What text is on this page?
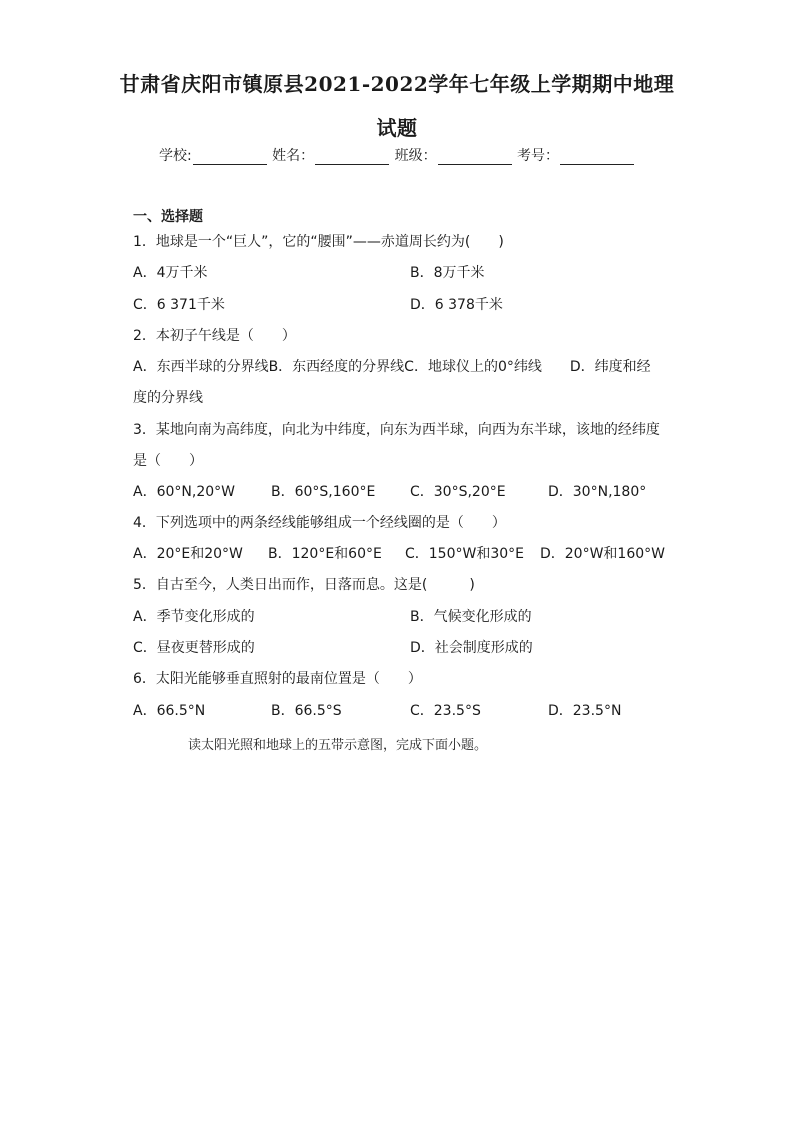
甘肃省庆阳市镇原县2021-2022学年七年级上学期期中地理
试题
学校:	姓名：	班级：	考号：
一、选择题
1．地球是一个“巨人”，它的“腰围”——赤道周长约为(　　)
A．4万千米	B．8万千米
C．6 371千米	D．6 378千米
2．本初子午线是（　　）
A．东西半球的分界线B．东西经度的分界线C．地球仪上的0°纬线　　D．纬度和经
度的分界线
3．某地向南为高纬度，向北为中纬度，向东为西半球，向西为东半球，该地的经纬度
是（　　）
A．60°N,20°W	B．60°S,160°E C．30°S,20°E	D．30°N,180°
4．下列选项中的两条经线能够组成一个经线圈的是（　　）
A．20°E和20°W B．120°E和60°E C．150°W和30°E D．20°W和160°W
5．自古至今，人类日出而作，日落而息。这是(　　　)
A．季节变化形成的	B．气候变化形成的
C．昼夜更替形成的	D．社会制度形成的
6．太阳光能够垂直照射的最南位置是（　　）
A．66.5°N	B．66.5°S	C．23.5°S	D．23.5°N
读太阳光照和地球上的五带示意图，完成下面小题。
